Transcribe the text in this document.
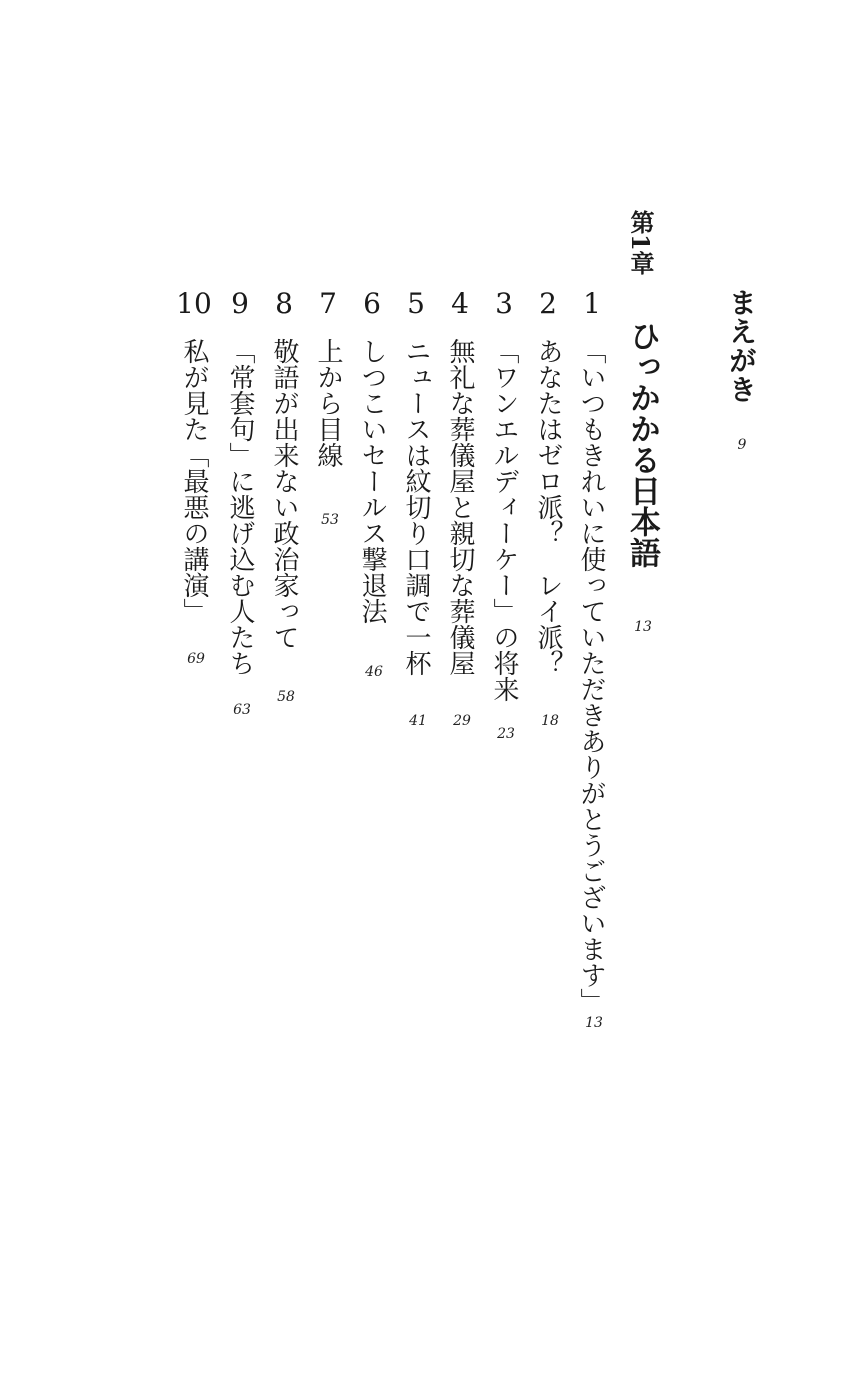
まえがき
9
第1章
ひっかかる日本語
13
1
「いつもきれいに使っていただきありがとうございます」
13
2
あなたはゼロ派？　レイ派？
18
3
「ワンエルディーケー」の将来
23
4
無礼な葬儀屋と親切な葬儀屋
29
5
ニュースは紋切り口調で一杯
41
6
しつこいセールス撃退法
46
7
上から目線
53
8
敬語が出来ない政治家って
58
9
「常套句」に逃げ込む人たち
63
10
私が見た「最悪の講演」
69
